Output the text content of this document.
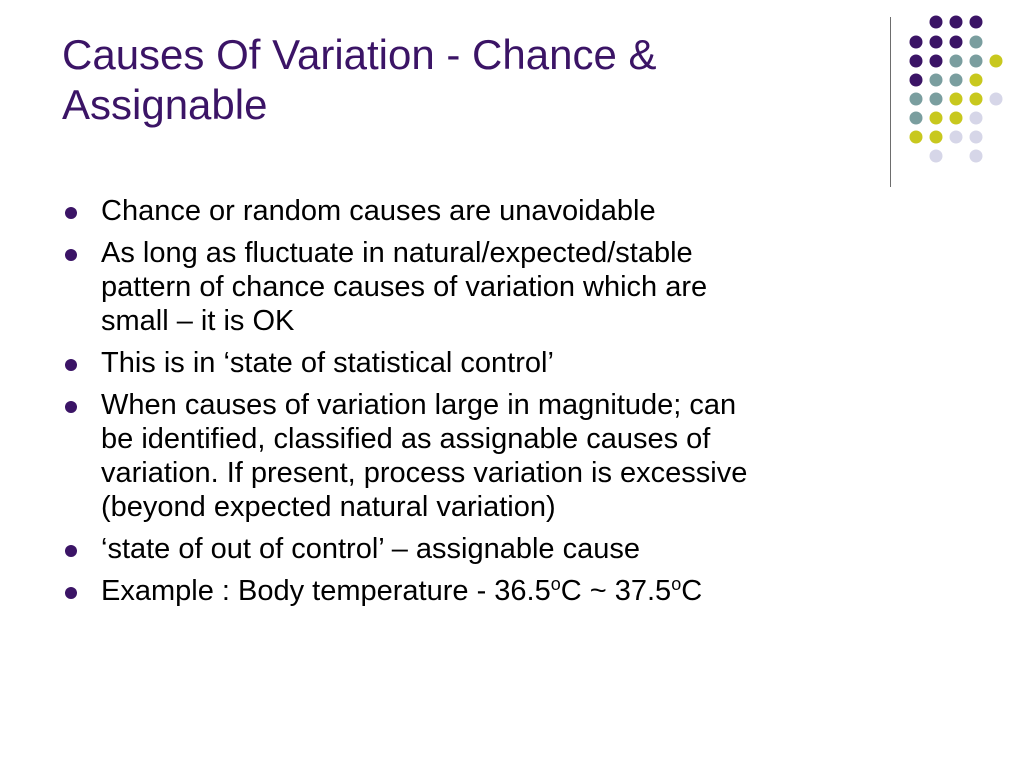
Causes Of Variation - Chance &
Assignable
Chance or random causes are unavoidable
As long as fluctuate in natural/expected/stable
pattern of chance causes of variation which are
small – it is OK
This is in ‘state of statistical control’
When causes of variation large in magnitude; can
be identified, classified as assignable causes of
variation. If present, process variation is excessive
(beyond expected natural variation)
‘state of out of control’ – assignable cause
Example : Body temperature - 36.5$^o$C ~ 37.5$^o$C
